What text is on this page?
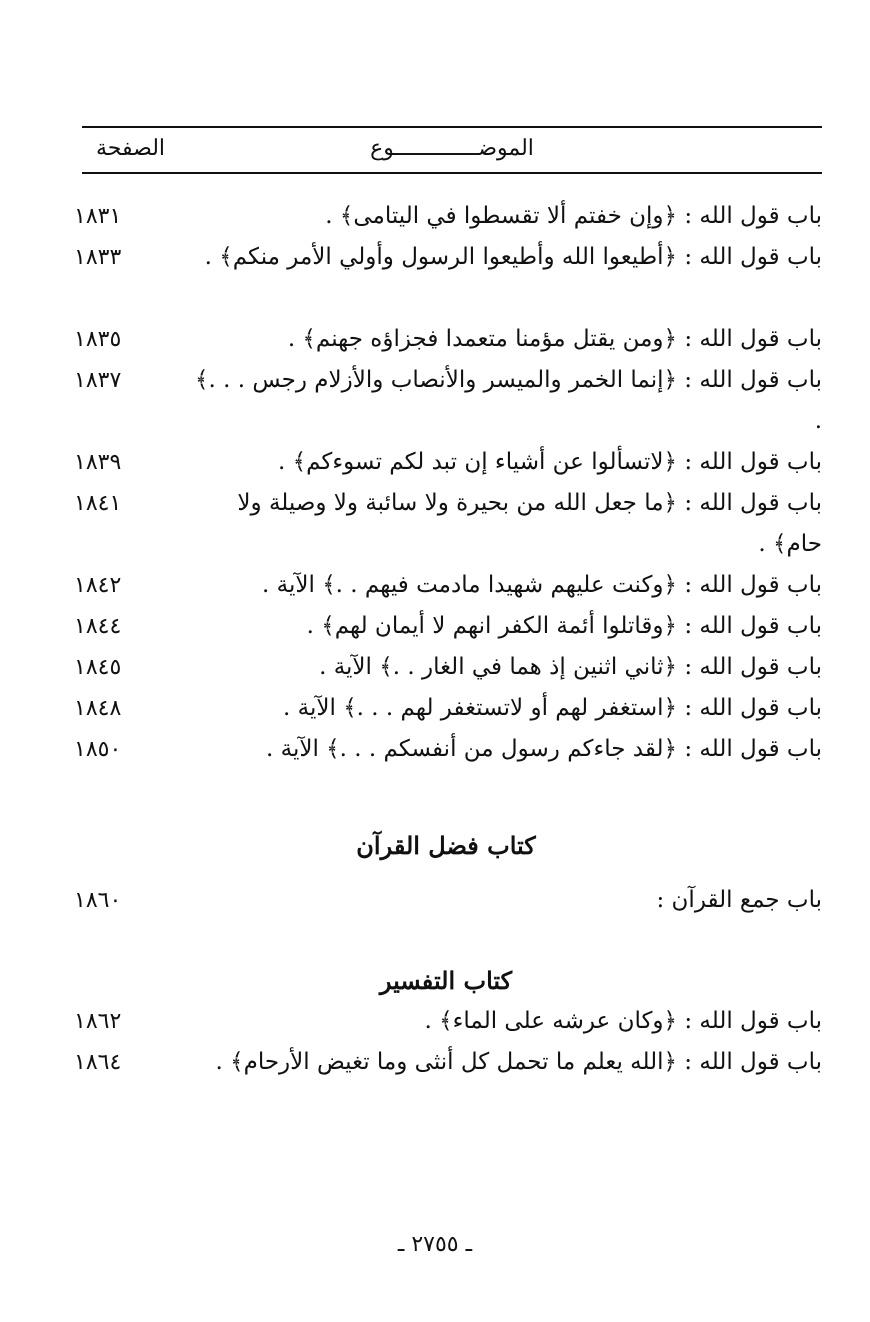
الموضـــــــــــــوع
الصفحة
باب قول الله : ﴿وإن خفتم ألا تقسطوا في اليتامى﴾ .
١٨٣١
باب قول الله : ﴿أطيعوا الله وأطيعوا الرسول وأولي الأمر منكم﴾ .
١٨٣٣
باب قول الله : ﴿ومن يقتل مؤمنا متعمدا فجزاؤه جهنم﴾ .
١٨٣٥
باب قول الله : ﴿إنما الخمر والميسر والأنصاب والأزلام رجس . . .﴾ .
١٨٣٧
باب قول الله : ﴿لاتسألوا عن أشياء إن تبد لكم تسوءكم﴾ .
١٨٣٩
باب قول الله : ﴿ما جعل الله من بحيرة ولا سائبة ولا وصيلة ولا حام﴾ .
١٨٤١
باب قول الله : ﴿وكنت عليهم شهيدا مادمت فيهم . .﴾ الآية .
١٨٤٢
باب قول الله : ﴿وقاتلوا أئمة الكفر انهم لا أيمان لهم﴾ .
١٨٤٤
باب قول الله : ﴿ثاني اثنين إذ هما في الغار . .﴾ الآية .
١٨٤٥
باب قول الله : ﴿استغفر لهم أو لاتستغفر لهم . . .﴾ الآية .
١٨٤٨
باب قول الله : ﴿لقد جاءكم رسول من أنفسكم . . .﴾ الآية .
١٨٥٠
كتاب فضل القرآن
باب جمع القرآن :
١٨٦٠
كتاب التفسير
باب قول الله : ﴿وكان عرشه على الماء﴾ .
١٨٦٢
باب قول الله : ﴿الله يعلم ما تحمل كل أنثى وما تغيض الأرحام﴾ .
١٨٦٤
ـ ٢٧٥٥ ـ
